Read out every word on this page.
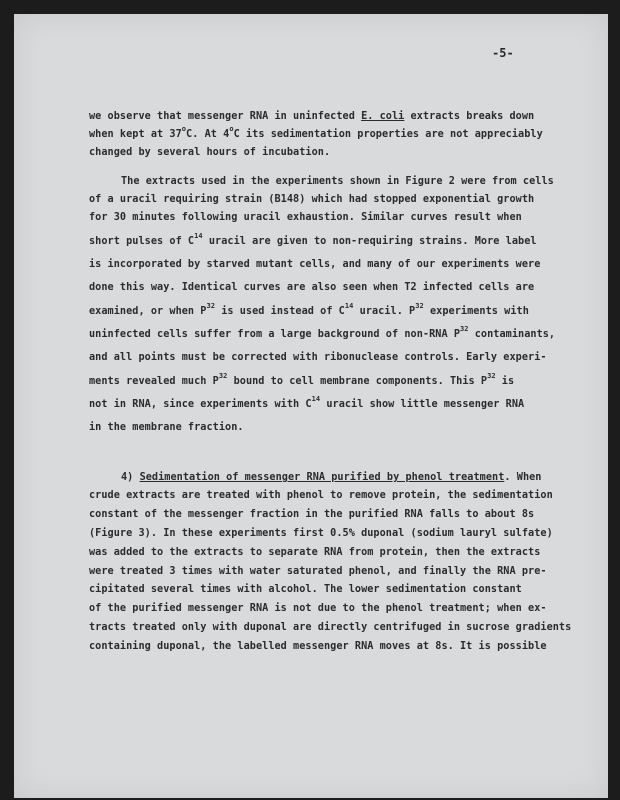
-5-
we observe that messenger RNA in uninfected E. coli extracts breaks down
when kept at 37$^o$C. At 4$^o$C its sedimentation properties are not appreciably
changed by several hours of incubation.
The extracts used in the experiments shown in Figure 2 were from cells
of a uracil requiring strain (B148) which had stopped exponential growth
for 30 minutes following uracil exhaustion. Similar curves result when
short pulses of $C^{14}$ uracil are given to non-requiring strains. More label
is incorporated by starved mutant cells, and many of our experiments were
done this way. Identical curves are also seen when T2 infected cells are
examined, or when $P^{32}$ is used instead of $C^{14}$ uracil. $P^{32}$ experiments with
uninfected cells suffer from a large background of non-RNA $P^{32}$ contaminants,
and all points must be corrected with ribonuclease controls. Early experi-
ments revealed much $P^{32}$ bound to cell membrane components. This $P^{32}$ is
not in RNA, since experiments with $C^{14}$ uracil show little messenger RNA
in the membrane fraction.
4) Sedimentation of messenger RNA purified by phenol treatment. When
crude extracts are treated with phenol to remove protein, the sedimentation
constant of the messenger fraction in the purified RNA falls to about 8s
(Figure 3). In these experiments first 0.5% duponal (sodium lauryl sulfate)
was added to the extracts to separate RNA from protein, then the extracts
were treated 3 times with water saturated phenol, and finally the RNA pre-
cipitated several times with alcohol. The lower sedimentation constant
of the purified messenger RNA is not due to the phenol treatment; when ex-
tracts treated only with duponal are directly centrifuged in sucrose gradients
containing duponal, the labelled messenger RNA moves at 8s. It is possible
